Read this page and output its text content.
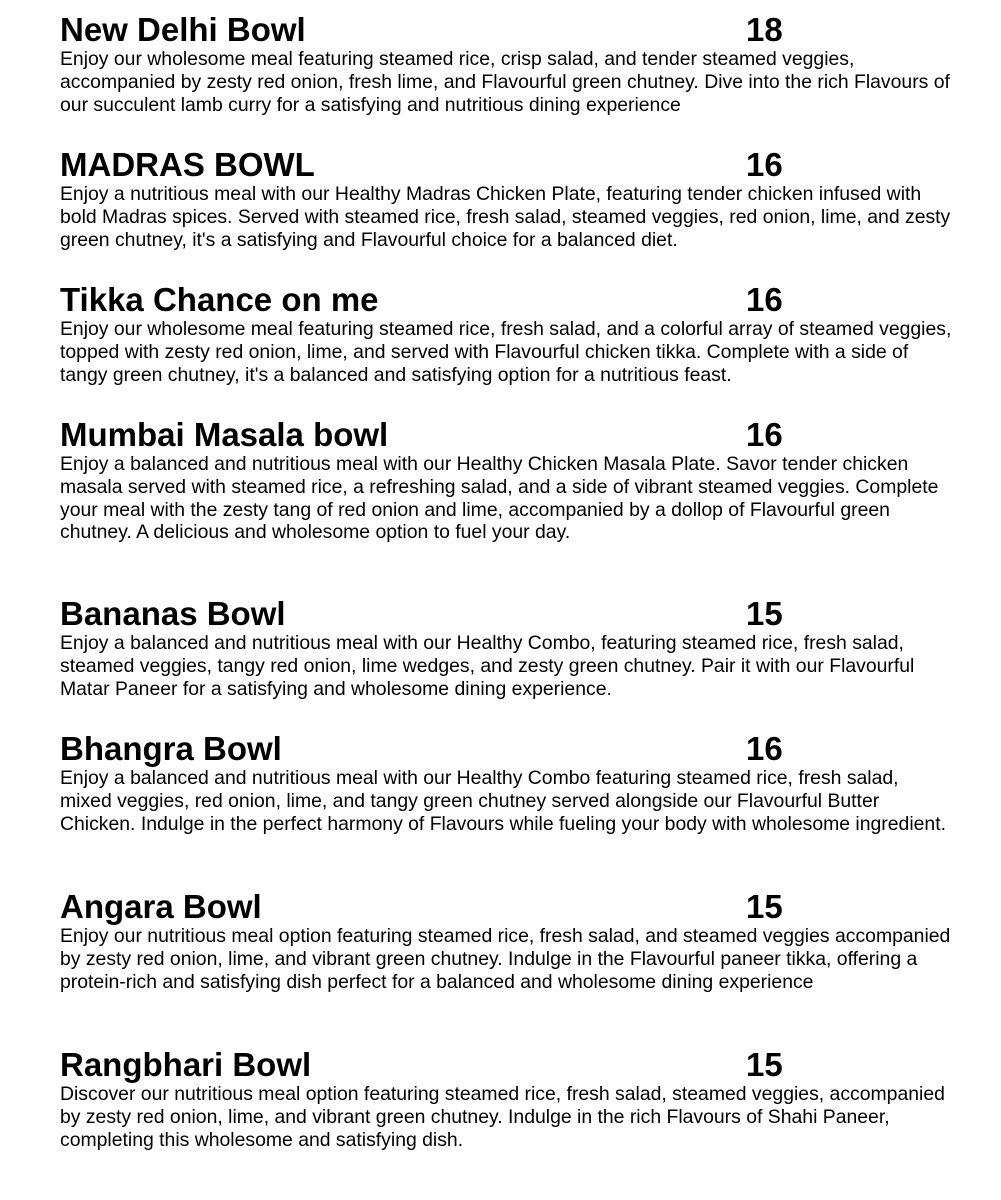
New Delhi Bowl	18

Enjoy our wholesome meal featuring steamed rice, crisp salad, and tender steamed veggies, accompanied by zesty red onion, fresh lime, and Flavourful green chutney. Dive into the rich Flavours of our succulent lamb curry for a satisfying and nutritious dining experience

MADRAS BOWL	16

Enjoy a nutritious meal with our Healthy Madras Chicken Plate, featuring tender chicken infused with bold Madras spices. Served with steamed rice, fresh salad, steamed veggies, red onion, lime, and zesty green chutney, it's a satisfying and Flavourful choice for a balanced diet.

Tikka Chance on me	16

Enjoy our wholesome meal featuring steamed rice, fresh salad, and a colorful array of steamed veggies, topped with zesty red onion, lime, and served with Flavourful chicken tikka. Complete with a side of tangy green chutney, it's a balanced and satisfying option for a nutritious feast.

Mumbai Masala bowl	16

Enjoy a balanced and nutritious meal with our Healthy Chicken Masala Plate. Savor tender chicken masala served with steamed rice, a refreshing salad, and a side of vibrant steamed veggies. Complete your meal with the zesty tang of red onion and lime, accompanied by a dollop of Flavourful green chutney. A delicious and wholesome option to fuel your day.

Bananas Bowl	15

Enjoy a balanced and nutritious meal with our Healthy Combo, featuring steamed rice, fresh salad, steamed veggies, tangy red onion, lime wedges, and zesty green chutney. Pair it with our Flavourful Matar Paneer for a satisfying and wholesome dining experience.

Bhangra Bowl	16

Enjoy a balanced and nutritious meal with our Healthy Combo featuring steamed rice, fresh salad, mixed veggies, red onion, lime, and tangy green chutney served alongside our Flavourful Butter Chicken. Indulge in the perfect harmony of Flavours while fueling your body with wholesome ingredient.

Angara Bowl	15

Enjoy our nutritious meal option featuring steamed rice, fresh salad, and steamed veggies accompanied by zesty red onion, lime, and vibrant green chutney. Indulge in the Flavourful paneer tikka, offering a protein-rich and satisfying dish perfect for a balanced and wholesome dining experience

Rangbhari Bowl	15

Discover our nutritious meal option featuring steamed rice, fresh salad, steamed veggies, accompanied by zesty red onion, lime, and vibrant green chutney. Indulge in the rich Flavours of Shahi Paneer, completing this wholesome and satisfying dish.
